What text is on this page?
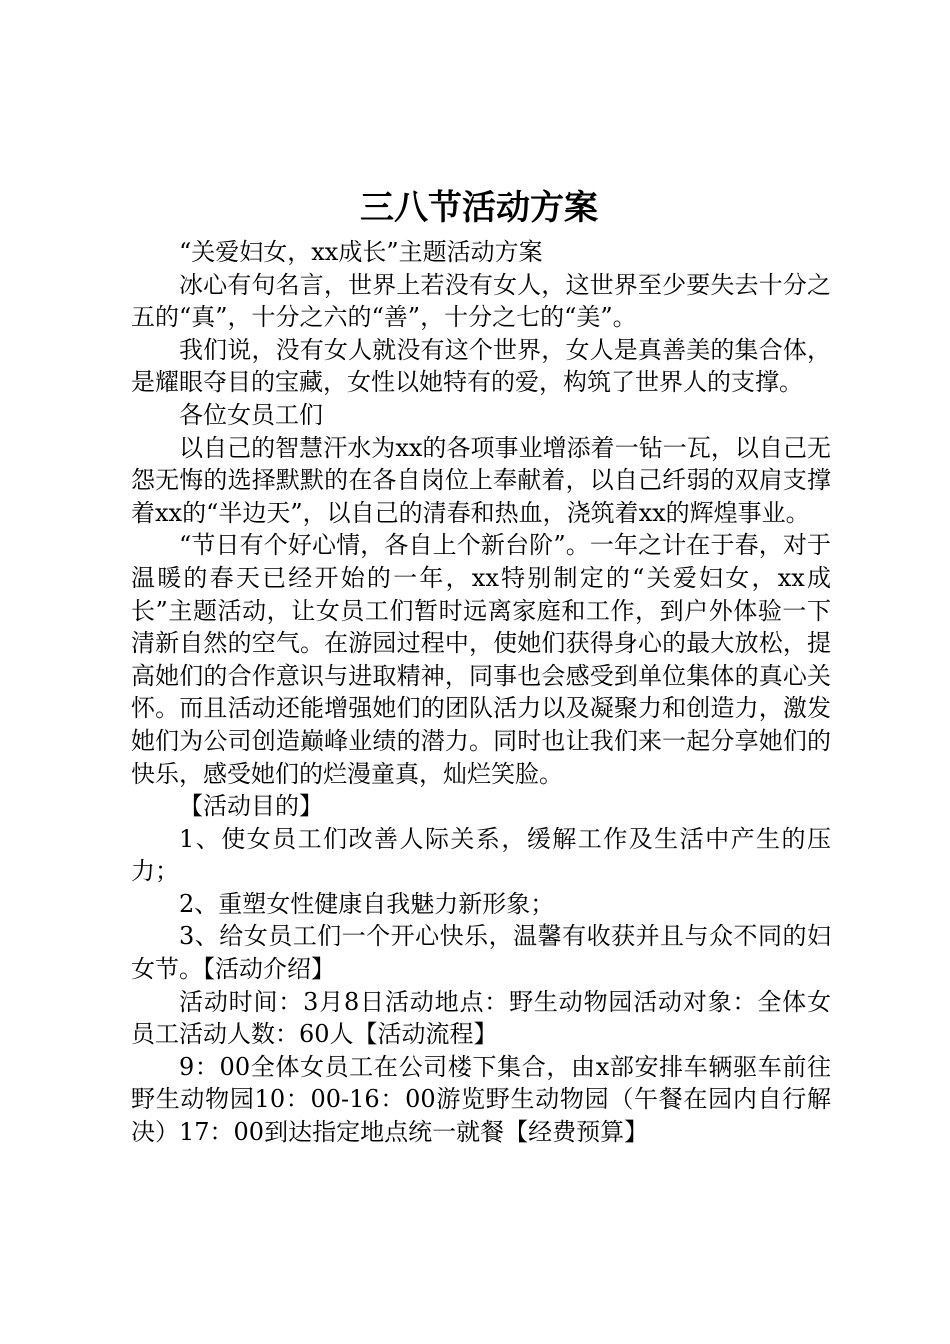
三八节活动方案

“关爱妇女，xx成长”主题活动方案

冰心有句名言，世界上若没有女人，这世界至少要失去十分之五的“真”，十分之六的“善”，十分之七的“美”。

我们说，没有女人就没有这个世界，女人是真善美的集合体，是耀眼夺目的宝藏，女性以她特有的爱，构筑了世界人的支撑。

各位女员工们

以自己的智慧汗水为xx的各项事业增添着一钻一瓦，以自己无怨无悔的选择默默的在各自岗位上奉献着，以自己纤弱的双肩支撑着xx的“半边天”，以自己的清春和热血，浇筑着xx的辉煌事业。

“节日有个好心情，各自上个新台阶”。一年之计在于春，对于温暖的春天已经开始的一年，xx特别制定的“关爱妇女，xx成长”主题活动，让女员工们暂时远离家庭和工作，到户外体验一下清新自然的空气。在游园过程中，使她们获得身心的最大放松，提高她们的合作意识与进取精神，同事也会感受到单位集体的真心关怀。而且活动还能增强她们的团队活力以及凝聚力和创造力，激发她们为公司创造巅峰业绩的潜力。同时也让我们来一起分享她们的快乐，感受她们的烂漫童真，灿烂笑脸。

【活动目的】

1、使女员工们改善人际关系，缓解工作及生活中产生的压力；

2、重塑女性健康自我魅力新形象；

3、给女员工们一个开心快乐，温馨有收获并且与众不同的妇女节。【活动介绍】

活动时间：3月8日活动地点：野生动物园活动对象：全体女员工活动人数：60人【活动流程】

9：00全体女员工在公司楼下集合，由x部安排车辆驱车前往野生动物园10：00-16：00游览野生动物园（午餐在园内自行解决）17：00到达指定地点统一就餐【经费预算】
